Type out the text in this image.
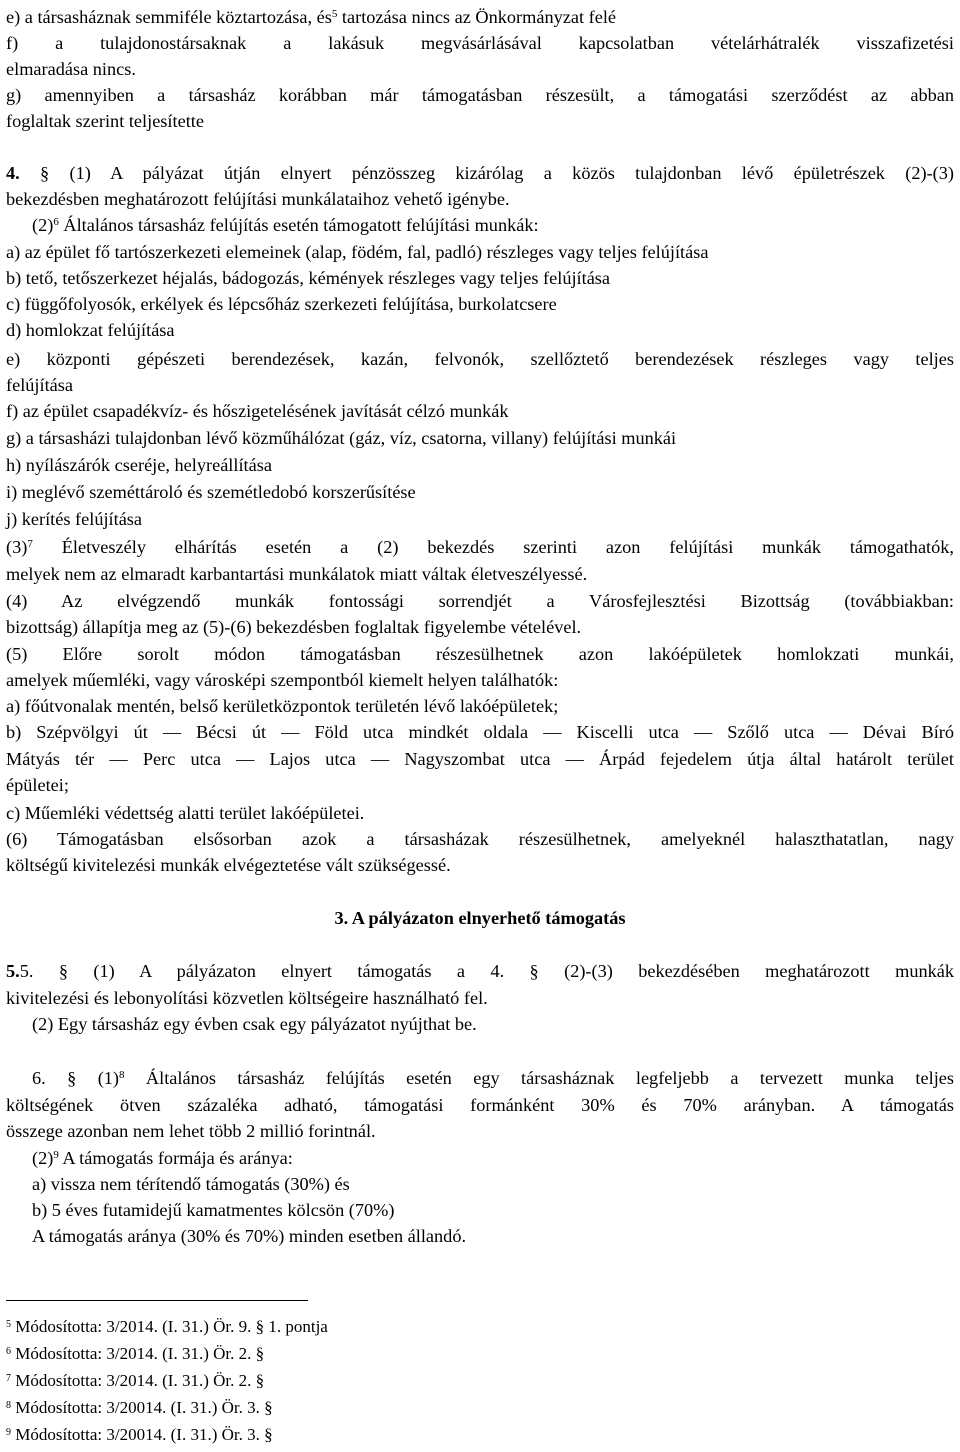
e) a társasháznak semmiféle köztartozása, $és^5$ tartozása nincs az Önkormányzat felé
f) a tulajdonostársaknak a lakásuk megvásárlásával kapcsolatban vételárhátralék visszafizetési
elmaradása nincs.
g) amennyiben a társasház korábban már támogatásban részesült, a támogatási szerződést az abban
foglaltak szerint teljesítette
4. § (1) A pályázat útján elnyert pénzösszeg kizárólag a közös tulajdonban lévő épületrészek (2)-(3)
bekezdésben meghatározott felújítási munkálataihoz vehető igénybe.
$(2)^6$ Általános társasház felújítás esetén támogatott felújítási munkák:
a) az épület fő tartószerkezeti elemeinek (alap, födém, fal, padló) részleges vagy teljes felújítása
b) tető, tetőszerkezet héjalás, bádogozás, kémények részleges vagy teljes felújítása
c) függőfolyosók, erkélyek és lépcsőház szerkezeti felújítása, burkolatcsere
d) homlokzat felújítása
e) központi gépészeti berendezések, kazán, felvonók, szellőztető berendezések részleges vagy teljes
felújítása
f) az épület csapadékvíz- és hőszigetelésének javítását célzó munkák
g) a társasházi tulajdonban lévő közműhálózat (gáz, víz, csatorna, villany) felújítási munkái
h) nyílászárók cseréje, helyreállítása
i) meglévő szeméttároló és szemétledobó korszerűsítése
j) kerítés felújítása
$(3)^7$ Életveszély elhárítás esetén a (2) bekezdés szerinti azon felújítási munkák támogathatók,
melyek nem az elmaradt karbantartási munkálatok miatt váltak életveszélyessé.
(4) Az elvégzendő munkák fontossági sorrendjét a Városfejlesztési Bizottság (továbbiakban:
bizottság) állapítja meg az (5)-(6) bekezdésben foglaltak figyelembe vételével.
(5) Előre sorolt módon támogatásban részesülhetnek azon lakóépületek homlokzati munkái,
amelyek műemléki, vagy városképi szempontból kiemelt helyen találhatók:
a) főútvonalak mentén, belső kerületközpontok területén lévő lakóépületek;
b) Szépvölgyi út — Bécsi út — Föld utca mindkét oldala — Kiscelli utca — Szőlő utca — Dévai Bíró
Mátyás tér — Perc utca — Lajos utca — Nagyszombat utca — Árpád fejedelem útja által határolt terület
épületei;
c) Műemléki védettség alatti terület lakóépületei.
(6) Támogatásban elsősorban azok a társasházak részesülhetnek, amelyeknél halaszthatatlan, nagy
költségű kivitelezési munkák elvégeztetése vált szükségessé.
3. A pályázaton elnyerhető támogatás
5.5. § (1) A pályázaton elnyert támogatás a 4. § (2)-(3) bekezdésében meghatározott munkák
kivitelezési és lebonyolítási közvetlen költségeire használható fel.
(2) Egy társasház egy évben csak egy pályázatot nyújthat be.
6. § $(1)^8$ Általános társasház felújítás esetén egy társasháznak legfeljebb a tervezett munka teljes
költségének ötven százaléka adható, támogatási formánként 30% és 70% arányban. A támogatás
összege azonban nem lehet több 2 millió forintnál.
$(2)^9$ A támogatás formája és aránya:
a) vissza nem térítendő támogatás (30%) és
b) 5 éves futamidejű kamatmentes kölcsön (70%)
A támogatás aránya (30% és 70%) minden esetben állandó.
$^5$ Módosította: 3/2014. (I. 31.) Ör. 9. § 1. pontja
$^6$ Módosította: 3/2014. (I. 31.) Ör. 2. §
$^7$ Módosította: 3/2014. (I. 31.) Ör. 2. §
$^8$ Módosította: 3/20014. (I. 31.) Ör. 3. §
$^9$ Módosította: 3/20014. (I. 31.) Ör. 3. §
